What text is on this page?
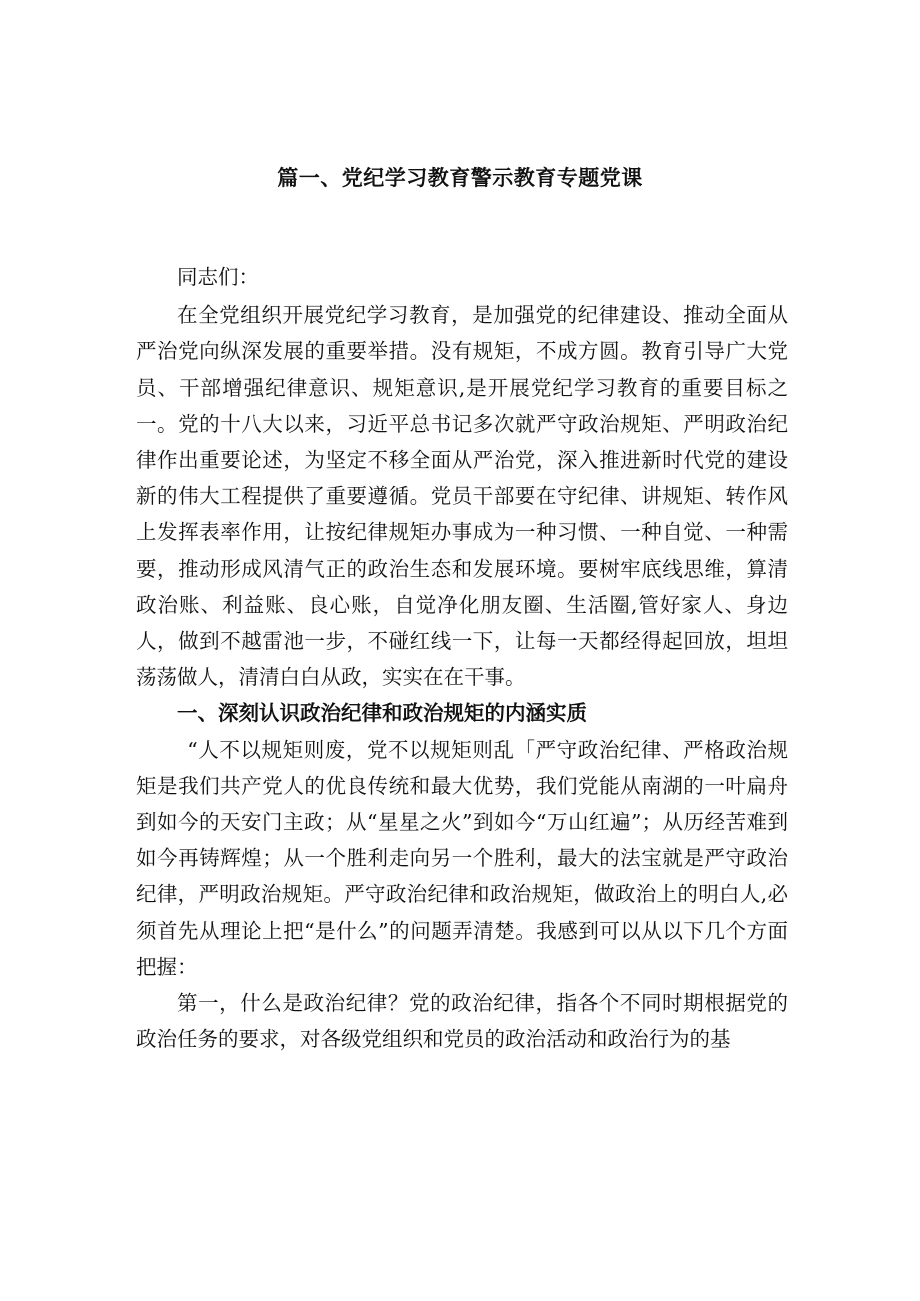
篇一、党纪学习教育警示教育专题党课

同志们：

在全党组织开展党纪学习教育，是加强党的纪律建设、推动全面从严治党向纵深发展的重要举措。没有规矩，不成方圆。教育引导广大党员、干部增强纪律意识、规矩意识,是开展党纪学习教育的重要目标之一。党的十八大以来，习近平总书记多次就严守政治规矩、严明政治纪律作出重要论述，为坚定不移全面从严治党，深入推进新时代党的建设新的伟大工程提供了重要遵循。党员干部要在守纪律、讲规矩、转作风上发挥表率作用，让按纪律规矩办事成为一种习惯、一种自觉、一种需要，推动形成风清气正的政治生态和发展环境。要树牢底线思维，算清政治账、利益账、良心账，自觉净化朋友圈、生活圈,管好家人、身边人，做到不越雷池一步，不碰红线一下，让每一天都经得起回放，坦坦荡荡做人，清清白白从政，实实在在干事。

一、深刻认识政治纪律和政治规矩的内涵实质

“人不以规矩则废，党不以规矩则乱「严守政治纪律、严格政治规矩是我们共产党人的优良传统和最大优势，我们党能从南湖的一叶扁舟到如今的天安门主政；从“星星之火”到如今“万山红遍”；从历经苦难到如今再铸辉煌；从一个胜利走向另一个胜利，最大的法宝就是严守政治纪律，严明政治规矩。严守政治纪律和政治规矩，做政治上的明白人,必须首先从理论上把“是什么”的问题弄清楚。我感到可以从以下几个方面把握：

第一，什么是政治纪律？党的政治纪律，指各个不同时期根据党的政治任务的要求，对各级党组织和党员的政治活动和政治行为的基
